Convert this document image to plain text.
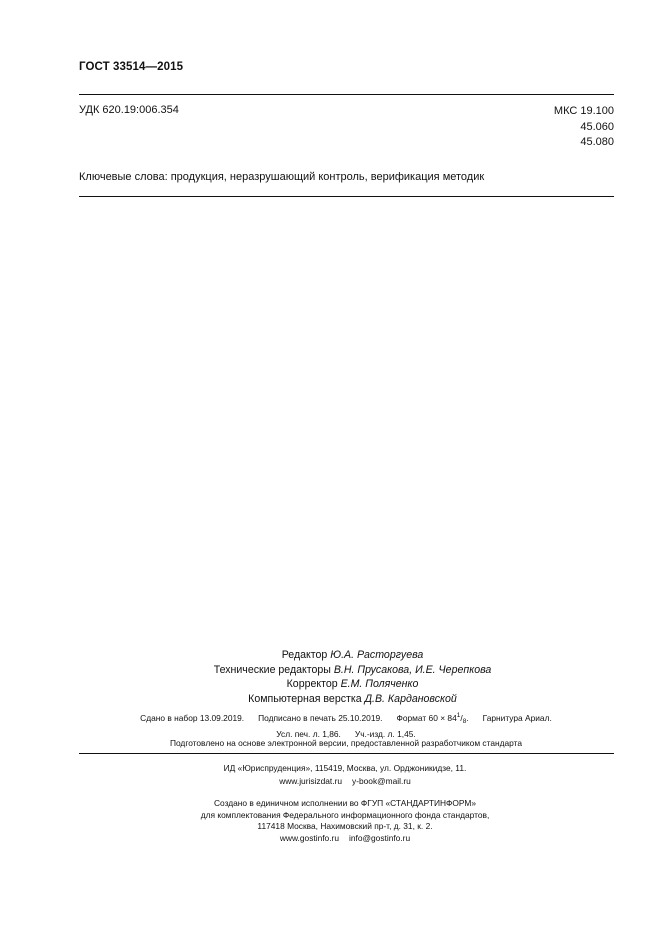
ГОСТ 33514—2015
УДК 620.19:006.354	МКС 19.100
45.060
45.080
Ключевые слова: продукция, неразрушающий контроль, верификация методик
Редактор Ю.А. Расторгуева
Технические редакторы В.Н. Прусакова, И.Е. Черепкова
Корректор Е.М. Поляченко
Компьютерная верстка Д.В. Кардановской
Сдано в набор 13.09.2019. Подписано в печать 25.10.2019. Формат $60 \times 84^1/_8$. Гарнитура Ариал.
Усл. печ. л. 1,86. Уч.-изд. л. 1,45.
Подготовлено на основе электронной версии, предоставленной разработчиком стандарта
ИД «Юриспруденция», 115419, Москва, ул. Орджоникидзе, 11.
www.jurisizdat.ru y-book@mail.ru
Создано в единичном исполнении во ФГУП «СТАНДАРТИНФОРМ»
для комплектования Федерального информационного фонда стандартов,
117418 Москва, Нахимовский пр-т, д. 31, к. 2.
www.gostinfo.ru info@gostinfo.ru
